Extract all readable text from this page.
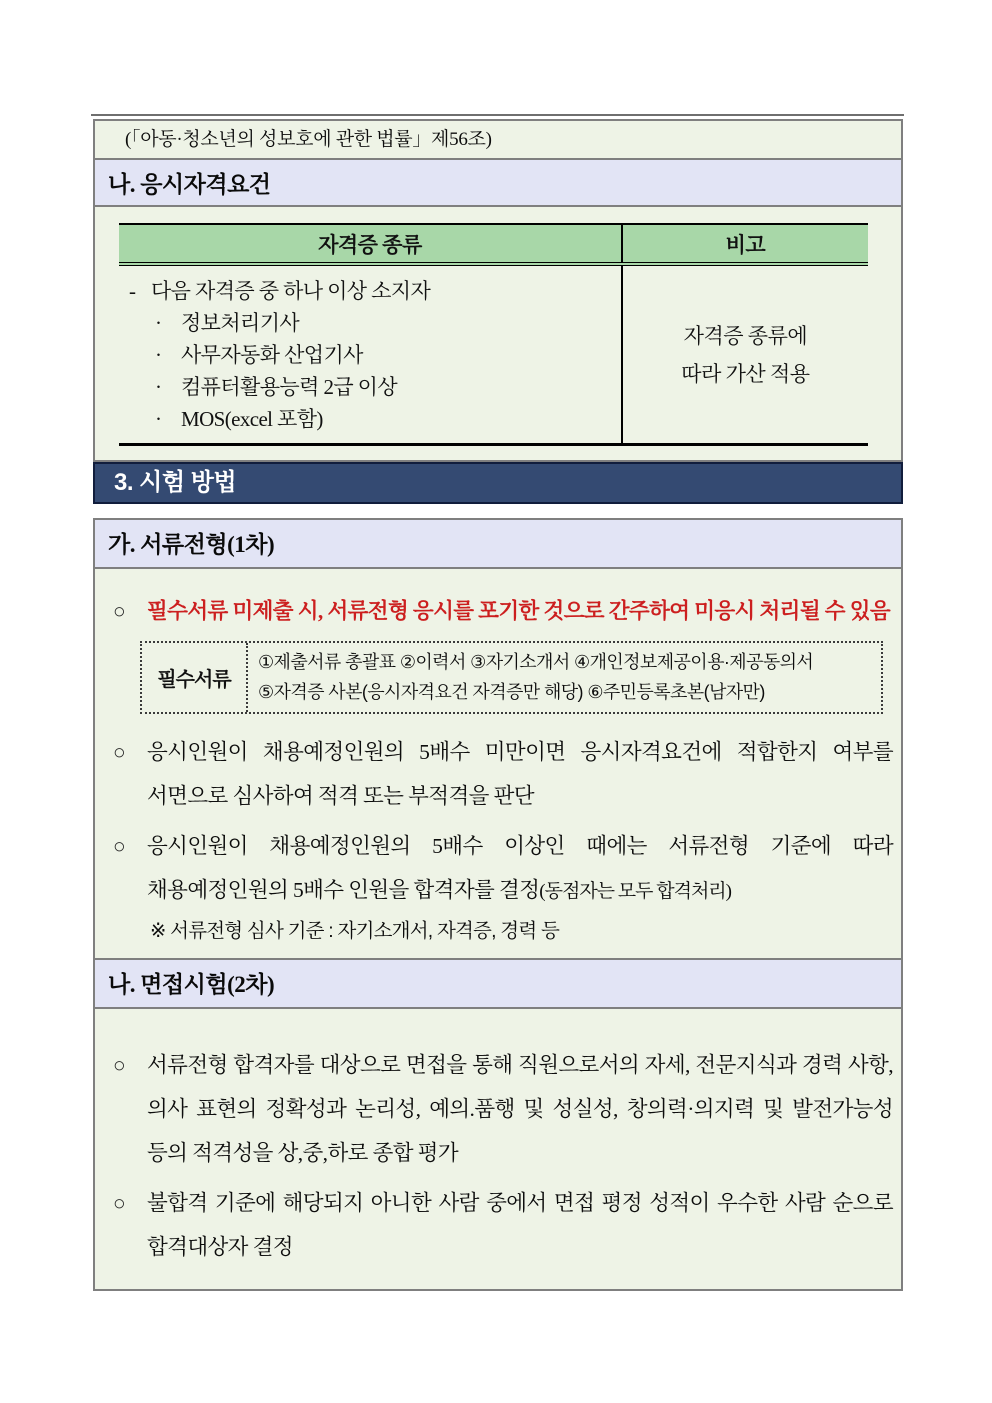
(「아동·청소년의 성보호에 관한 법률」제56조)
나. 응시자격요건
자격증 종류	비고
- 다음 자격증 중 하나 이상 소지자
· 정보처리기사
· 사무자동화 산업기사
· 컴퓨터활용능력 2급 이상
· MOS(excel 포함)
자격증 종류에
따라 가산 적용
3. 시험 방법
가. 서류전형(1차)
○ 필수서류 미제출 시, 서류전형 응시를 포기한 것으로 간주하여 미응시 처리될 수 있음
필수서류
①제출서류 총괄표 ②이력서 ③자기소개서 ④개인정보제공이용·제공동의서
⑤자격증 사본(응시자격요건 자격증만 해당) ⑥주민등록초본(남자만)
○ 응시인원이 채용예정인원의 5배수 미만이면 응시자격요건에 적합한지 여부를 서면으로 심사하여 적격 또는 부적격을 판단
○ 응시인원이 채용예정인원의 5배수 이상인 때에는 서류전형 기준에 따라 채용예정인원의 5배수 인원을 합격자를 결정(동점자는 모두 합격처리)
※ 서류전형 심사 기준 : 자기소개서, 자격증, 경력 등
나. 면접시험(2차)
○ 서류전형 합격자를 대상으로 면접을 통해 직원으로서의 자세, 전문지식과 경력 사항, 의사 표현의 정확성과 논리성, 예의.품행 및 성실성, 창의력·의지력 및 발전가능성 등의 적격성을 상,중,하로 종합 평가
○ 불합격 기준에 해당되지 아니한 사람 중에서 면접 평정 성적이 우수한 사람 순으로 합격대상자 결정
